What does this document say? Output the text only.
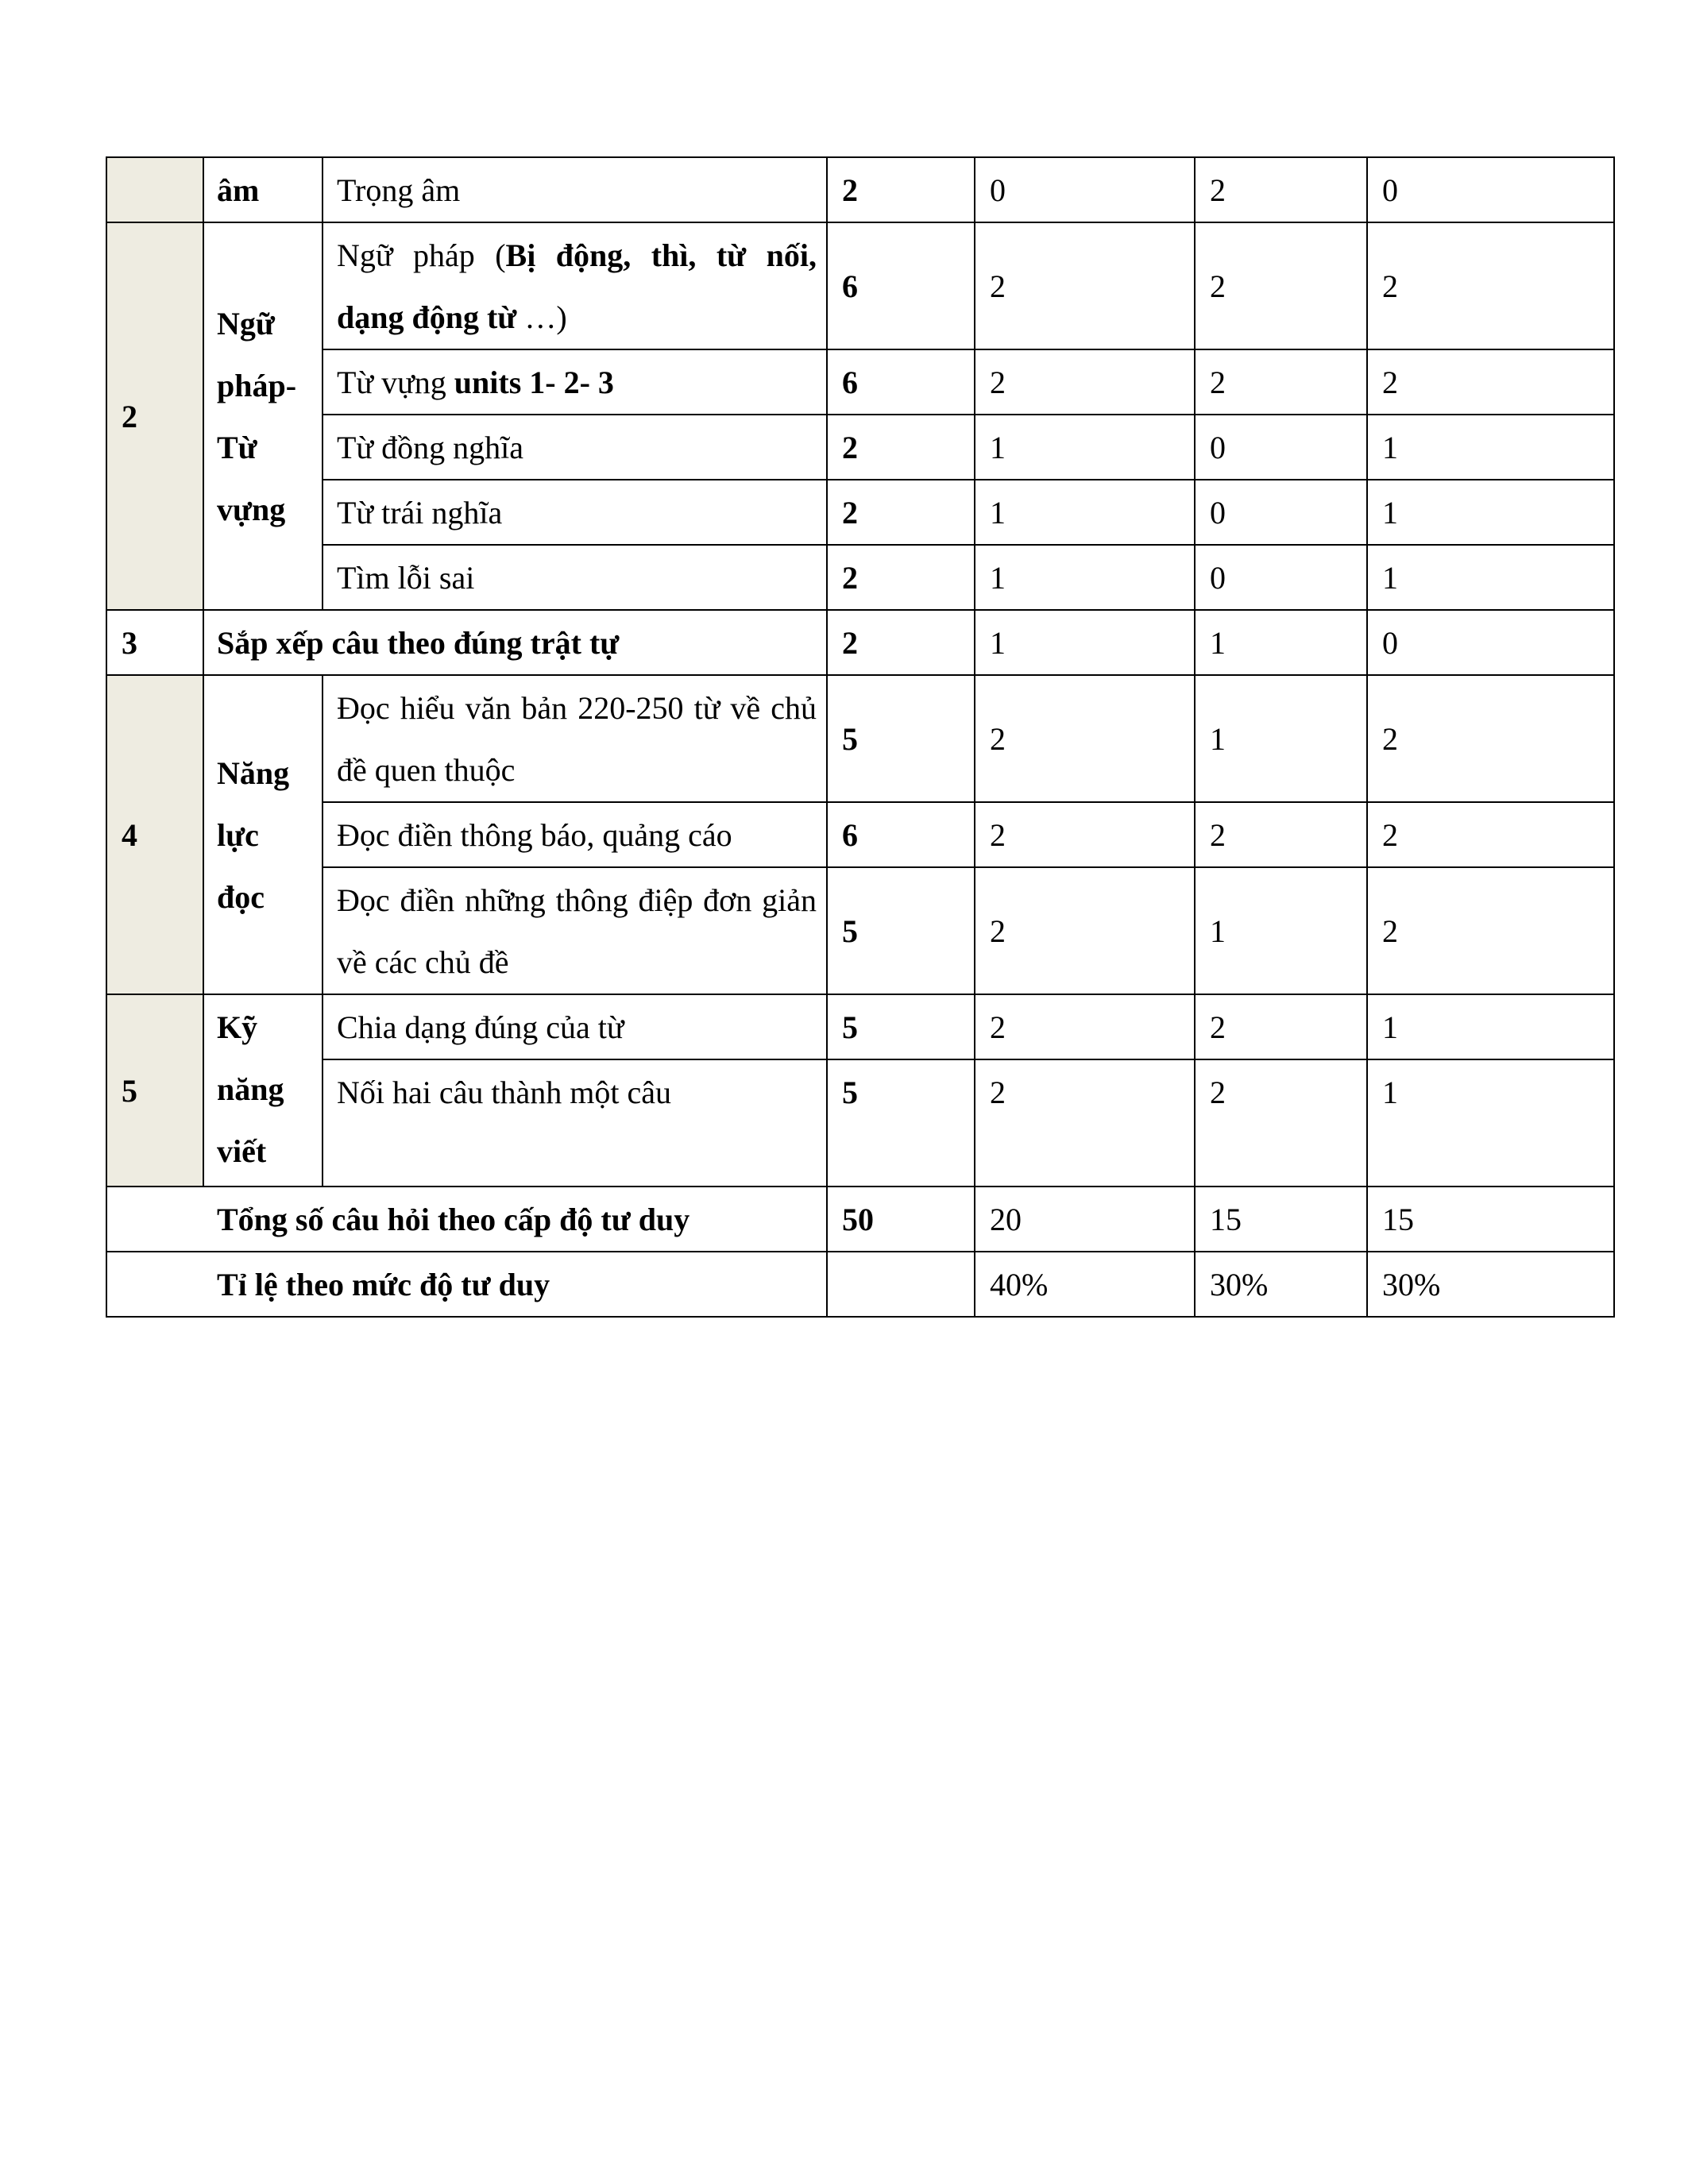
	âm	Trọng âm	2	0	2	0
2	Ngữ pháp- Từ vựng	Ngữ pháp (Bị động, thì, từ nối, dạng động từ …)	6	2	2	2
		Từ vựng units 1- 2- 3	6	2	2	2
		Từ đồng nghĩa	2	1	0	1
		Từ trái nghĩa	2	1	0	1
		Tìm lỗi sai	2	1	0	1
3	Sắp xếp câu theo đúng trật tự		2	1	1	0
4	Năng lực đọc	Đọc hiểu văn bản 220-250 từ về chủ đề quen thuộc	5	2	1	2
		Đọc điền thông báo, quảng cáo	6	2	2	2
		Đọc điền những thông điệp đơn giản về các chủ đề	5	2	1	2
5	Kỹ năng viết	Chia dạng đúng của từ	5	2	2	1
		Nối hai câu thành một câu	5	2	2	1
Tổng số câu hỏi theo cấp độ tư duy			50	20	15	15
Tỉ lệ theo mức độ tư duy				40%	30%	30%
